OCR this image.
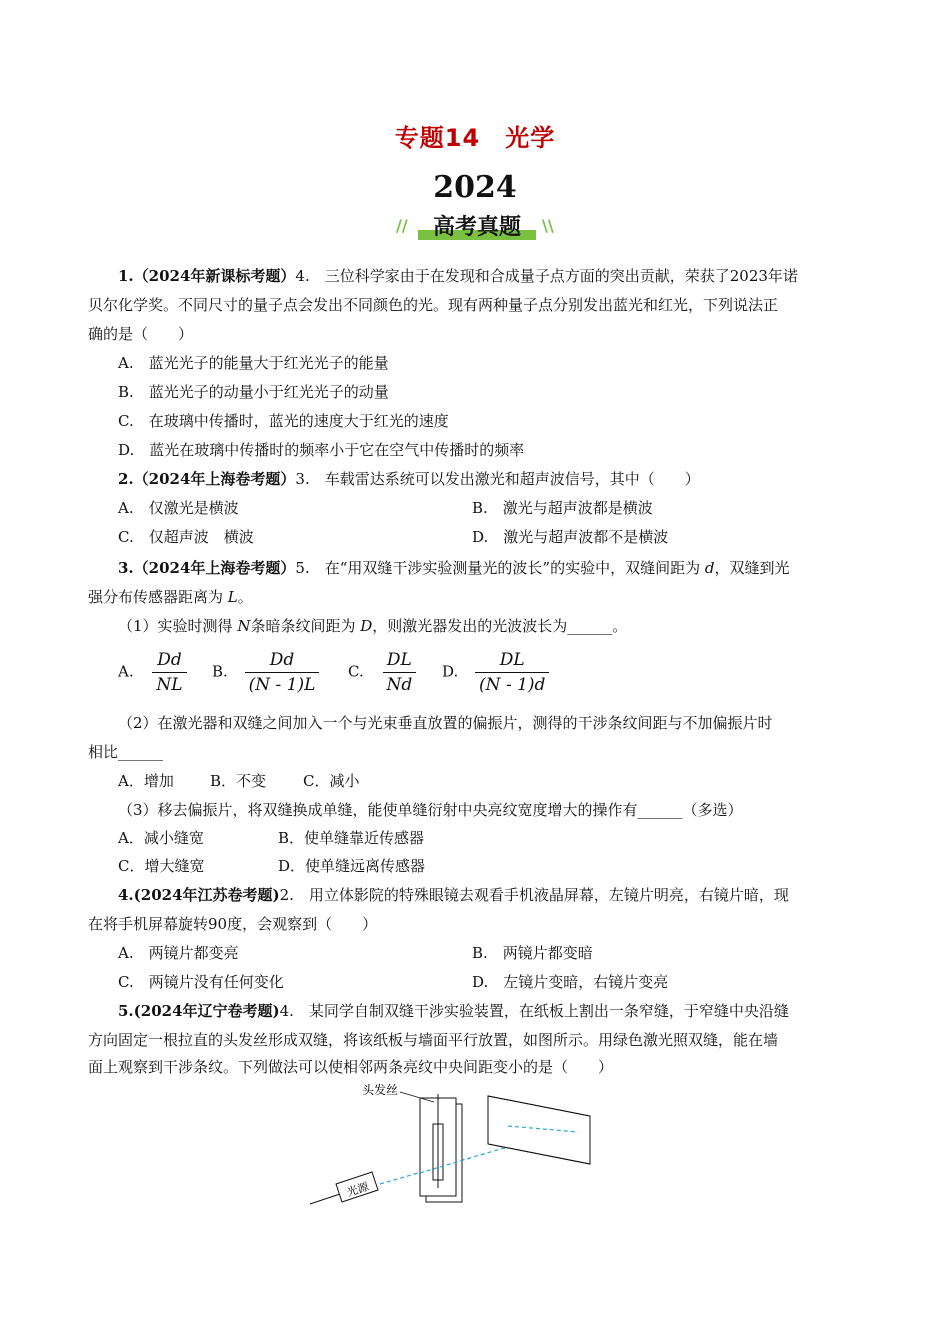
专题14　光学
2024
//	\\
高考真题
1.（2024年新课标考题）4.　三位科学家由于在发现和合成量子点方面的突出贡献，荣获了2023年诺
贝尔化学奖。不同尺寸的量子点会发出不同颜色的光。现有两种量子点分别发出蓝光和红光，下列说法正
确的是（　　）
A.　蓝光光子的能量大于红光光子的能量
B.　蓝光光子的动量小于红光光子的动量
C.　在玻璃中传播时，蓝光的速度大于红光的速度
D.　蓝光在玻璃中传播时的频率小于它在空气中传播时的频率
2.（2024年上海卷考题）3.　车载雷达系统可以发出激光和超声波信号，其中（　　）
A.　仅激光是横波	B.　激光与超声波都是横波
C.　仅超声波　横波	D.　激光与超声波都不是横波
3.（2024年上海卷考题）5.　在“用双缝干涉实验测量光的波长”的实验中，双缝间距为 d，双缝到光
强分布传感器距离为 L。
（1）实验时测得 N条暗条纹间距为 D，则激光器发出的光波波长为______。
A. $\frac{Dd}{NL} B$. $\frac{Dd}{(N - 1)L} C$. $\frac{DL}{Nd} D$. $\frac{DL}{(N - 1)d}$
（2）在激光器和双缝之间加入一个与光束垂直放置的偏振片，测得的干涉条纹间距与不加偏振片时
相比______
A．增加 B．不变 C．减小
（3）移去偏振片，将双缝换成单缝，能使单缝衍射中央亮纹宽度增大的操作有______（多选）
A．减小缝宽	B．使单缝靠近传感器
C．增大缝宽	D．使单缝远离传感器
4.(2024年江苏卷考题)2.　用立体影院的特殊眼镜去观看手机液晶屏幕，左镜片明亮，右镜片暗，现
在将手机屏幕旋转90度，会观察到（　　）
A.　两镜片都变亮	B.　两镜片都变暗
C.　两镜片没有任何变化	D.　左镜片变暗，右镜片变亮
5.(2024年辽宁卷考题)4.　某同学自制双缝干涉实验装置，在纸板上割出一条窄缝，于窄缝中央沿缝
方向固定一根拉直的头发丝形成双缝，将该纸板与墙面平行放置，如图所示。用绿色激光照双缝，能在墙
面上观察到干涉条纹。下列做法可以使相邻两条亮纹中央间距变小的是（　　）
光源
头发丝
